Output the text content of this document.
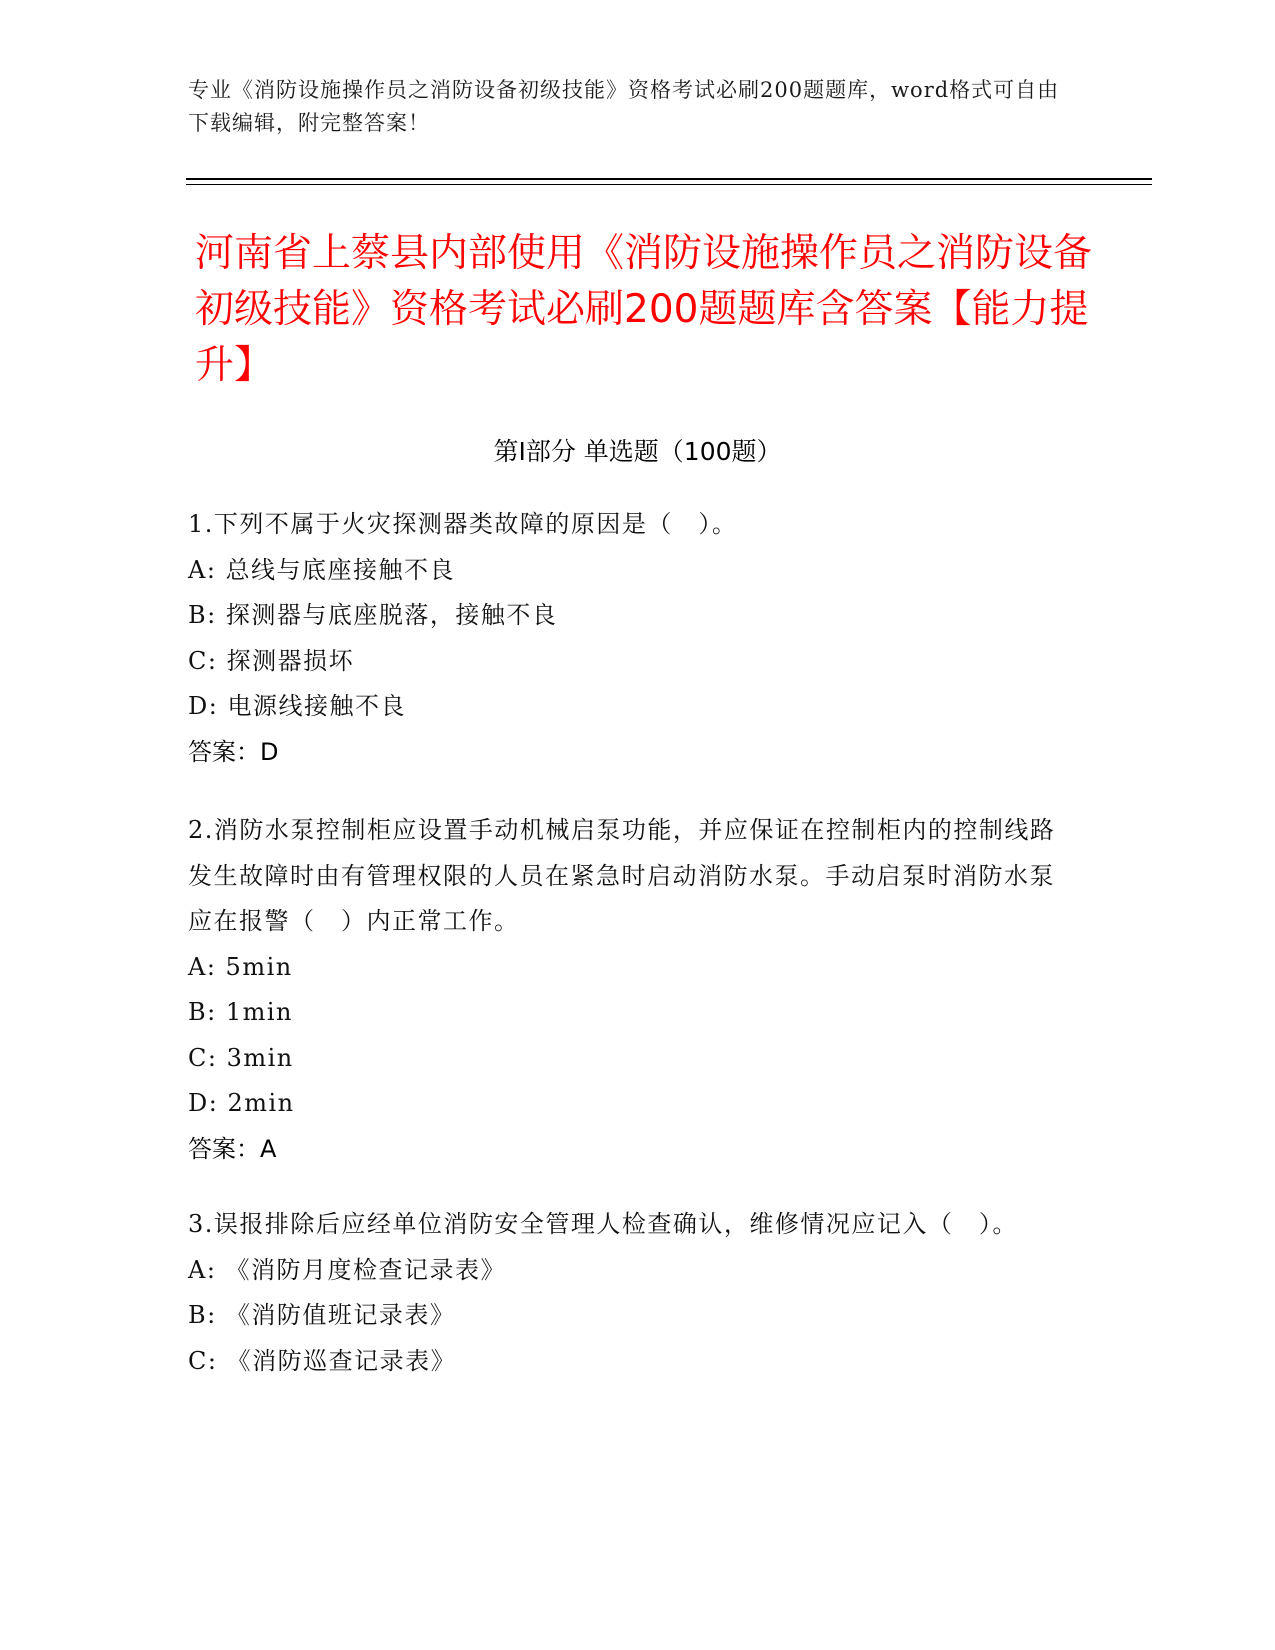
专业《消防设施操作员之消防设备初级技能》资格考试必刷200题题库，word格式可自由下载编辑，附完整答案！
河南省上蔡县内部使用《消防设施操作员之消防设备初级技能》资格考试必刷200题题库含答案【能力提升】
第Ⅰ部分 单选题（100题）
1.下列不属于火灾探测器类故障的原因是（　）。
A: 总线与底座接触不良
B: 探测器与底座脱落，接触不良
C: 探测器损坏
D: 电源线接触不良
答案：D
2.消防水泵控制柜应设置手动机械启泵功能，并应保证在控制柜内的控制线路发生故障时由有管理权限的人员在紧急时启动消防水泵。手动启泵时消防水泵应在报警（　）内正常工作。
A: 5min
B: 1min
C: 3min
D: 2min
答案：A
3.误报排除后应经单位消防安全管理人检查确认，维修情况应记入（　）。
A: 《消防月度检查记录表》
B: 《消防值班记录表》
C: 《消防巡查记录表》
